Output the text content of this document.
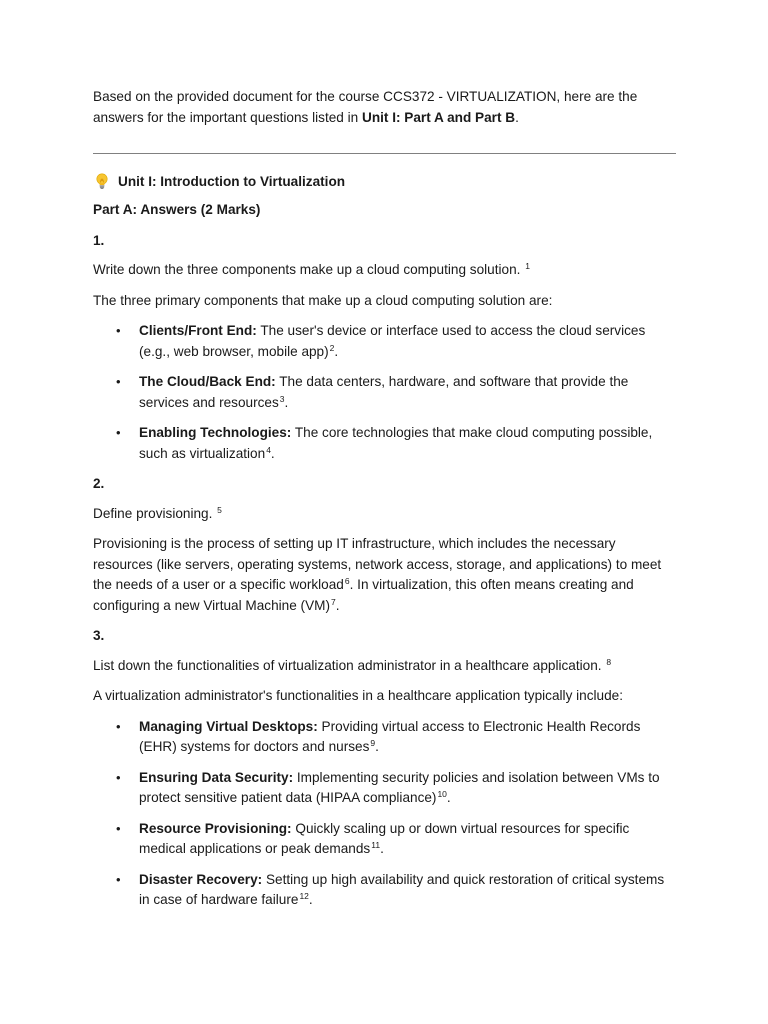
Based on the provided document for the course CCS372 - VIRTUALIZATION, here are the answers for the important questions listed in Unit I: Part A and Part B.

Unit I: Introduction to Virtualization

Part A: Answers (2 Marks)

1.

Write down the three components make up a cloud computing solution. $^1$

The three primary components that make up a cloud computing solution are:

• Clients/Front End: The user's device or interface used to access the cloud services (e.g., web browser, mobile app)$^2$.
• The Cloud/Back End: The data centers, hardware, and software that provide the services and resources$^3$.
• Enabling Technologies: The core technologies that make cloud computing possible, such as virtualization$^4$.

2.

Define provisioning. $^5$

Provisioning is the process of setting up IT infrastructure, which includes the necessary resources (like servers, operating systems, network access, storage, and applications) to meet the needs of a user or a specific workload$^6$. In virtualization, this often means creating and configuring a new Virtual Machine (VM)$^7$.

3.

List down the functionalities of virtualization administrator in a healthcare application. $^8$

A virtualization administrator's functionalities in a healthcare application typically include:

• Managing Virtual Desktops: Providing virtual access to Electronic Health Records (EHR) systems for doctors and nurses$^9$.
• Ensuring Data Security: Implementing security policies and isolation between VMs to protect sensitive patient data (HIPAA compliance)$^{10}$.
• Resource Provisioning: Quickly scaling up or down virtual resources for specific medical applications or peak demands$^{11}$.
• Disaster Recovery: Setting up high availability and quick restoration of critical systems in case of hardware failure$^{12}$.
